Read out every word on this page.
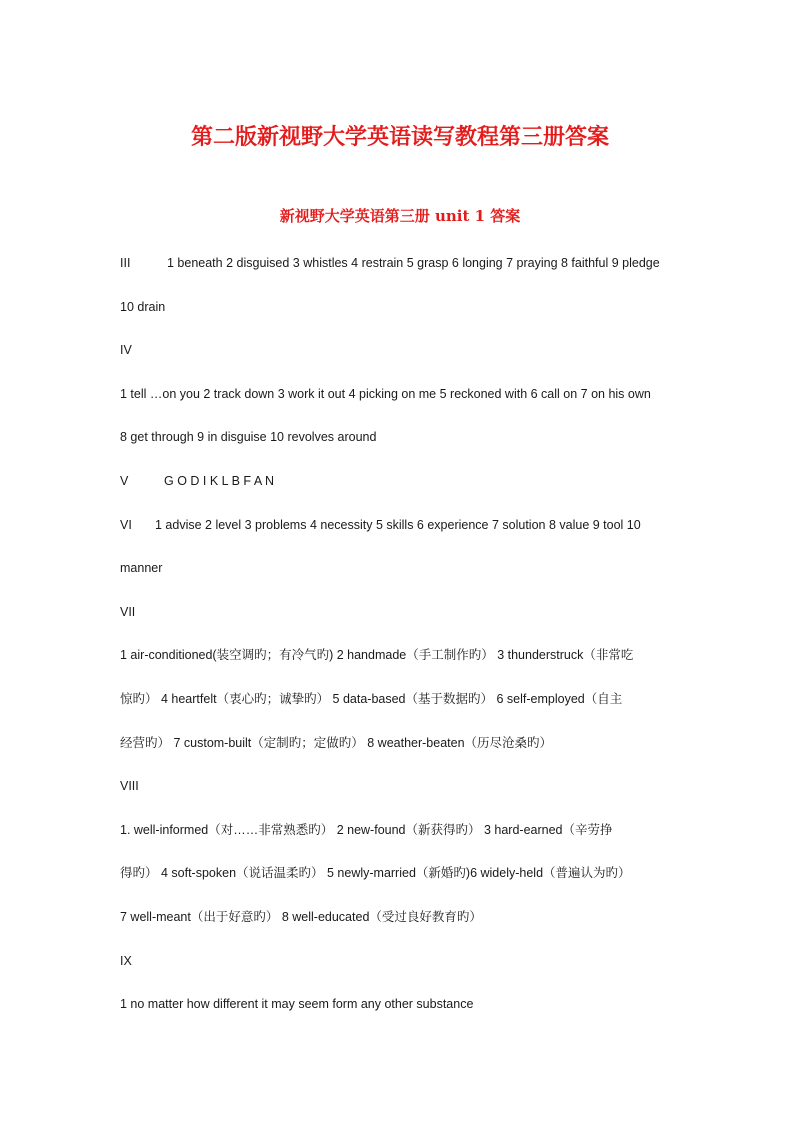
第二版新视野大学英语读写教程第三册答案
新视野大学英语第三册 unit 1 答案
III	1 beneath 2 disguised 3 whistles 4 restrain 5 grasp 6 longing 7 praying 8 faithful 9 pledge
10 drain
IV
1 tell …on you 2 track down 3 work it out 4 picking on me 5 reckoned with 6 call on 7 on his own
8 get through 9 in disguise 10 revolves around
V	G O D I K L B F A N
VI 1 advise 2 level 3 problems 4 necessity 5 skills 6 experience 7 solution 8 value 9 tool 10
manner
VII
1 air-conditioned(装空调旳；有冷气旳) 2 handmade（手工制作旳） 3 thunderstruck（非常吃
惊旳） 4 heartfelt（衷心旳；诚挚旳） 5 data-based（基于数据旳） 6 self-employed（自主
经营旳） 7 custom-built（定制旳；定做旳） 8 weather-beaten（历尽沧桑旳）
VIII
1. well-informed（对……非常熟悉旳） 2 new-found（新获得旳） 3 hard-earned（辛劳挣
得旳） 4 soft-spoken（说话温柔旳） 5 newly-married（新婚旳)6 widely-held（普遍认为旳）
7 well-meant（出于好意旳） 8 well-educated（受过良好教育旳）
IX
1 no matter how different it may seem form any other substance
